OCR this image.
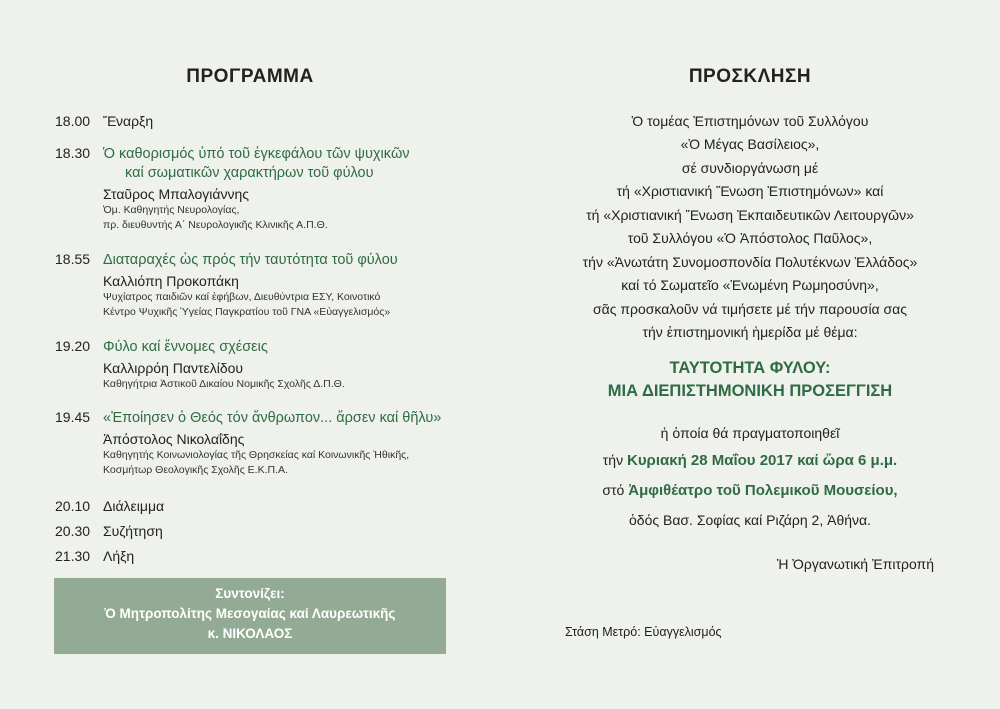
ΠΡΟΓΡΑΜΜΑ
18.00 Ἔναρξη
18.30 Ὁ καθορισμός ὑπό τοῦ ἐγκεφάλου τῶν ψυχικῶν
καί σωματικῶν χαρακτήρων τοῦ φύλου
Σταῦρος Μπαλογιάννης
Ὁμ. Καθηγητής Νευρολογίας,
πρ. διευθυντής Α΄ Νευρολογικῆς Κλινικῆς Α.Π.Θ.
18.55 Διαταραχές ὡς πρός τήν ταυτότητα τοῦ φύλου
Καλλιόπη Προκοπάκη
Ψυχίατρος παιδιῶν καί ἐφήβων, Διευθύντρια ΕΣΥ, Κοινοτικό
Κέντρο Ψυχικῆς Ὑγείας Παγκρατίου τοῦ ΓΝΑ «Εὐαγγελισμός»
19.20 Φύλο καί ἔννομες σχέσεις
Καλλιρρόη Παντελίδου
Καθηγήτρια Ἀστικοῦ Δικαίου Νομικῆς Σχολῆς Δ.Π.Θ.
19.45 «Ἐποίησεν ὁ Θεός τόν ἄνθρωπον... ἄρσεν καί θῆλυ»
Ἀπόστολος Νικολαΐδης
Καθηγητής Κοινωνιολογίας τῆς Θρησκείας καί Κοινωνικῆς Ἠθικῆς,
Κοσμήτωρ Θεολογικῆς Σχολῆς Ε.Κ.Π.Α.
20.10 Διάλειμμα
20.30 Συζήτηση
21.30 Λήξη
Συντονίζει:
Ὁ Μητροπολίτης Μεσογαίας καί Λαυρεωτικῆς
κ. ΝΙΚΟΛΑΟΣ
ΠΡΟΣΚΛΗΣΗ
Ὁ τομέας Ἐπιστημόνων τοῦ Συλλόγου
«Ὁ Μέγας Βασίλειος»,
σέ συνδιοργάνωση μέ
τή «Χριστιανική Ἕνωση Ἐπιστημόνων» καί
τή «Χριστιανική Ἕνωση Ἐκπαιδευτικῶν Λειτουργῶν»
τοῦ Συλλόγου «Ὁ Ἀπόστολος Παῦλος»,
τήν «Ἀνωτάτη Συνομοσπονδία Πολυτέκνων Ἑλλάδος»
καί τό Σωματεῖο «Ἑνωμένη Ρωμηοσύνη»,
σᾶς προσκαλοῦν νά τιμήσετε μέ τήν παρουσία σας
τήν ἐπιστημονική ἡμερίδα μέ θέμα:
ΤΑΥΤΟΤΗΤΑ ΦΥΛΟΥ:
ΜΙΑ ΔΙΕΠΙΣΤΗΜΟΝΙΚΗ ΠΡΟΣΕΓΓΙΣΗ
ἡ ὁποία θά πραγματοποιηθεῖ
τήν Κυριακή 28 Μαΐου 2017 καί ὥρα 6 μ.μ.
στό Ἀμφιθέατρο τοῦ Πολεμικοῦ Μουσείου,
ὁδός Βασ. Σοφίας καί Ριζάρη 2, Ἀθήνα.
Ἡ Ὀργανωτική Ἐπιτροπή
Στάση Μετρό: Εὐαγγελισμός
